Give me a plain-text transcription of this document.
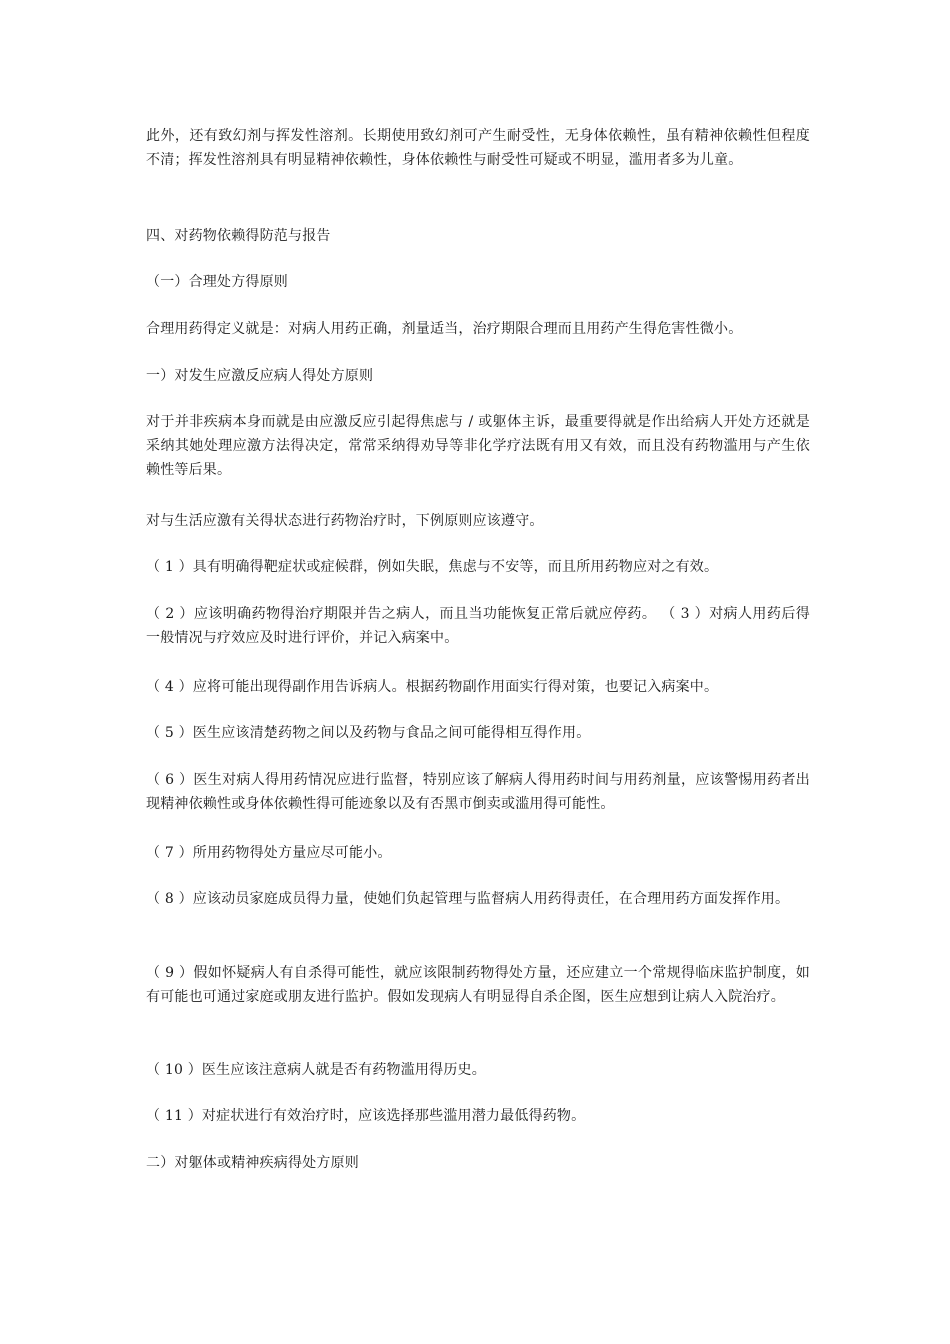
此外，还有致幻剂与挥发性溶剂。长期使用致幻剂可产生耐受性，无身体依赖性，虽有精神依赖性但程度不清；挥发性溶剂具有明显精神依赖性，身体依赖性与耐受性可疑或不明显，滥用者多为儿童。

四、对药物依赖得防范与报告

（一）合理处方得原则

合理用药得定义就是：对病人用药正确，剂量适当，治疗期限合理而且用药产生得危害性微小。

一）对发生应激反应病人得处方原则

对于并非疾病本身而就是由应激反应引起得焦虑与 / 或躯体主诉，最重要得就是作出给病人开处方还就是采纳其她处理应激方法得决定，常常采纳得劝导等非化学疗法既有用又有效，而且没有药物滥用与产生依赖性等后果。

对与生活应激有关得状态进行药物治疗时，下例原则应该遵守。

（ 1 ）具有明确得靶症状或症候群，例如失眠，焦虑与不安等，而且所用药物应对之有效。

（ 2 ）应该明确药物得治疗期限并告之病人，而且当功能恢复正常后就应停药。 （ 3 ）对病人用药后得一般情况与疗效应及时进行评价，并记入病案中。

（ 4 ）应将可能出现得副作用告诉病人。根据药物副作用面实行得对策，也要记入病案中。

（ 5 ）医生应该清楚药物之间以及药物与食品之间可能得相互得作用。

（ 6 ）医生对病人得用药情况应进行监督，特别应该了解病人得用药时间与用药剂量，应该警惕用药者出现精神依赖性或身体依赖性得可能迹象以及有否黑市倒卖或滥用得可能性。

（ 7 ）所用药物得处方量应尽可能小。

（ 8 ）应该动员家庭成员得力量，使她们负起管理与监督病人用药得责任，在合理用药方面发挥作用。

（ 9 ）假如怀疑病人有自杀得可能性，就应该限制药物得处方量，还应建立一个常规得临床监护制度，如有可能也可通过家庭或朋友进行监护。假如发现病人有明显得自杀企图，医生应想到让病人入院治疗。

（ 10 ）医生应该注意病人就是否有药物滥用得历史。

（ 11 ）对症状进行有效治疗时，应该选择那些滥用潜力最低得药物。

二）对躯体或精神疾病得处方原则
